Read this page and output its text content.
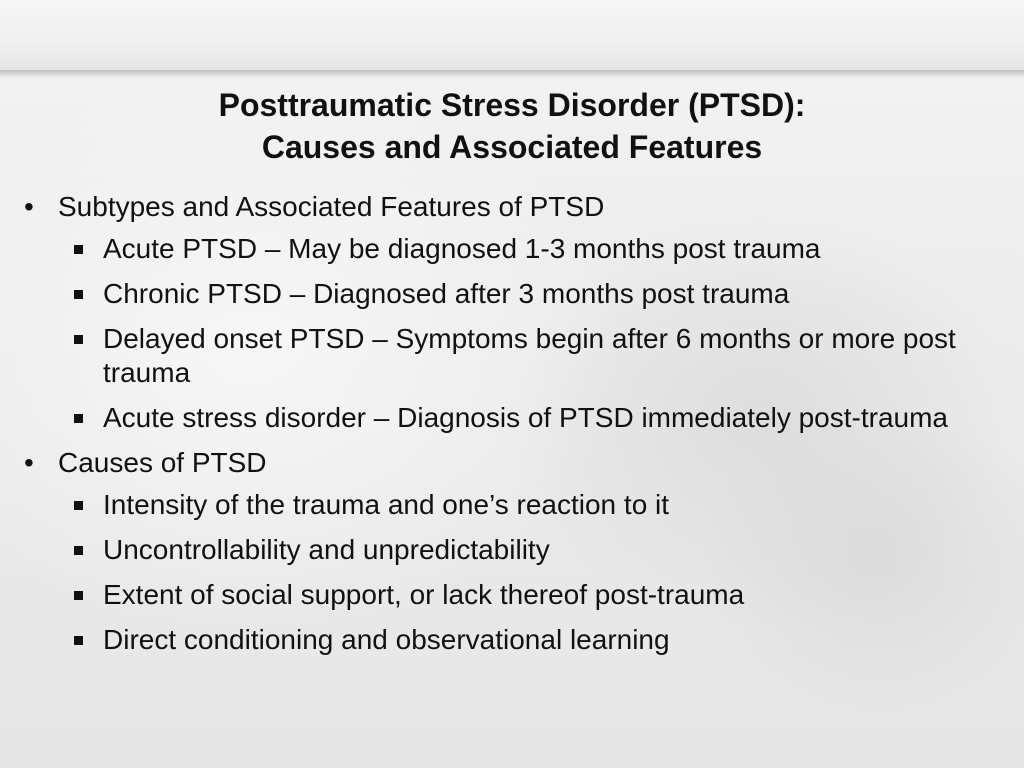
Posttraumatic Stress Disorder (PTSD):
Causes and Associated Features
• Subtypes and Associated Features of PTSD
Acute PTSD – May be diagnosed 1-3 months post trauma
Chronic PTSD – Diagnosed after 3 months post trauma
Delayed onset PTSD – Symptoms begin after 6 months or more post trauma
Acute stress disorder – Diagnosis of PTSD immediately post-trauma
• Causes of PTSD
Intensity of the trauma and one’s reaction to it
Uncontrollability and unpredictability
Extent of social support, or lack thereof post-trauma
Direct conditioning and observational learning
